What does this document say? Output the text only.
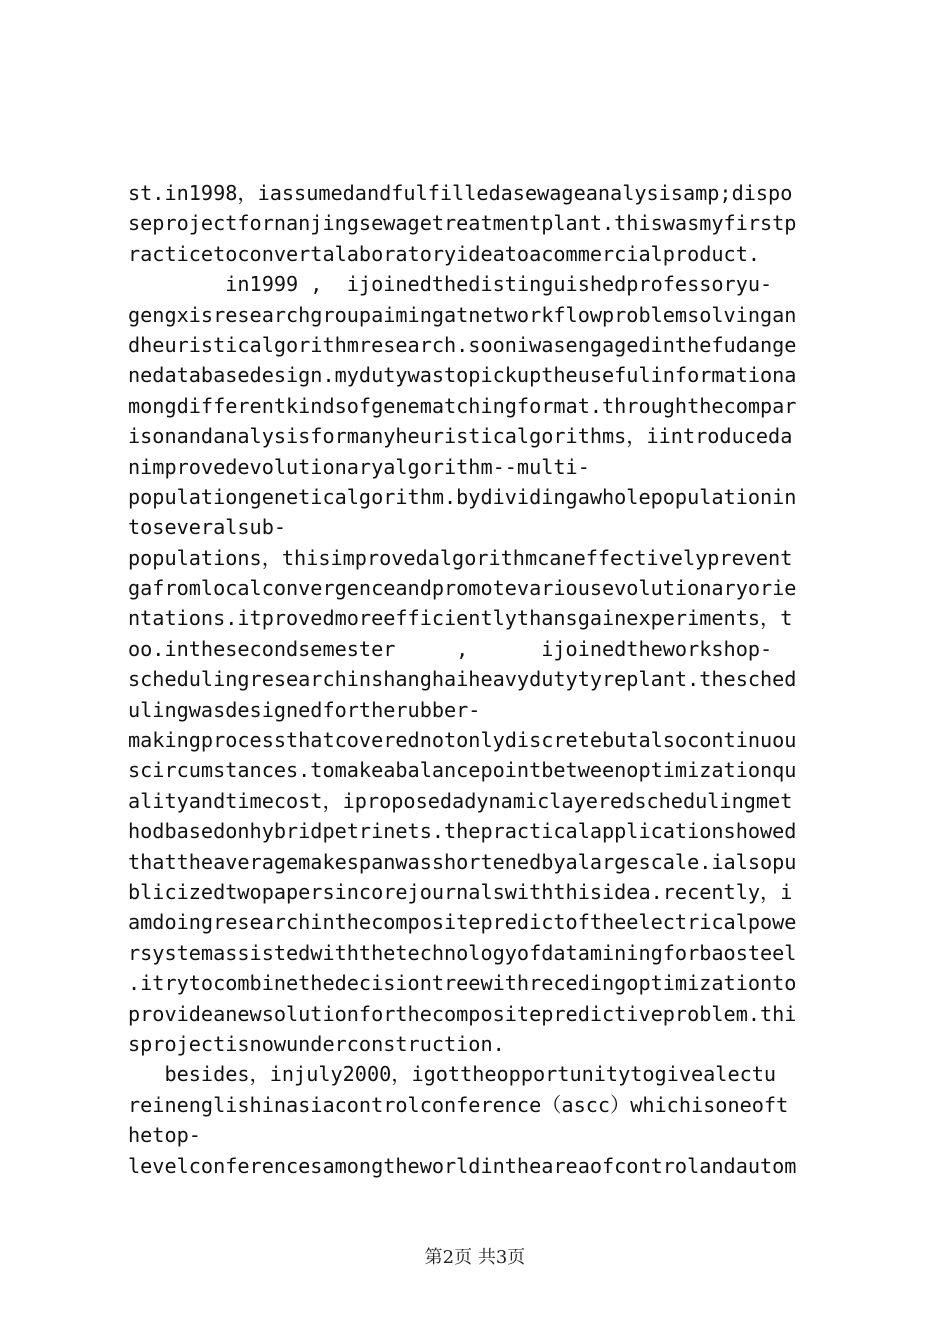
st.in1998，iassumedandfulfilledasewageanalysisamp;dispo
seprojectfornanjingsewagetreatmentplant.thiswasmyfirstp
racticetoconvertalaboratoryideatoacommercialproduct.
in1999 ,  ijoinedthedistinguishedprofessoryu-
gengxisresearchgroupaimingatnetworkflowproblemsolvingan
dheuristicalgorithmresearch.sooniwasengagedinthefudange
nedatabasedesign.mydutywastopickuptheusefulinformationa
mongdifferentkindsofgenematchingformat.throughthecompar
isonandanalysisformanyheuristicalgorithms，iintroduceda
nimprovedevolutionaryalgorithm--multi-
populationgeneticalgorithm.bydividingawholepopulationin
toseveralsub-
populations，thisimprovedalgorithmcaneffectivelyprevent
gafromlocalconvergenceandpromotevariousevolutionaryorie
ntations.itprovedmoreefficientlythansgainexperiments，t
oo.inthesecondsemester     ,      ijoinedtheworkshop-
schedulingresearchinshanghaiheavydutytyreplant.thesched
ulingwasdesignedfortherubber-
makingprocessthatcoverednotonlydiscretebutalsocontinuou
scircumstances.tomakeabalancepointbetweenoptimizationqu
alityandtimecost，iproposedadynamiclayeredschedulingmet
hodbasedonhybridpetrinets.thepracticalapplicationshowed
thattheaveragemakespanwasshortenedbyalargescale.ialsopu
blicizedtwopapersincorejournalswiththisidea.recently，i
amdoingresearchinthecompositepredictoftheelectricalpowe
rsystemassistedwiththetechnologyofdataminingforbaosteel
.itrytocombinethedecisiontreewithrecedingoptimizationto
provideanewsolutionforthecompositepredictiveproblem.thi
sprojectisnowunderconstruction.
besides，injuly2000，igottheopportunitytogivealectu
reinenglishinasiacontrolconference（ascc）whichisoneoft
hetop-
levelconferencesamongtheworldintheareaofcontrolandautom
第2页 共3页
